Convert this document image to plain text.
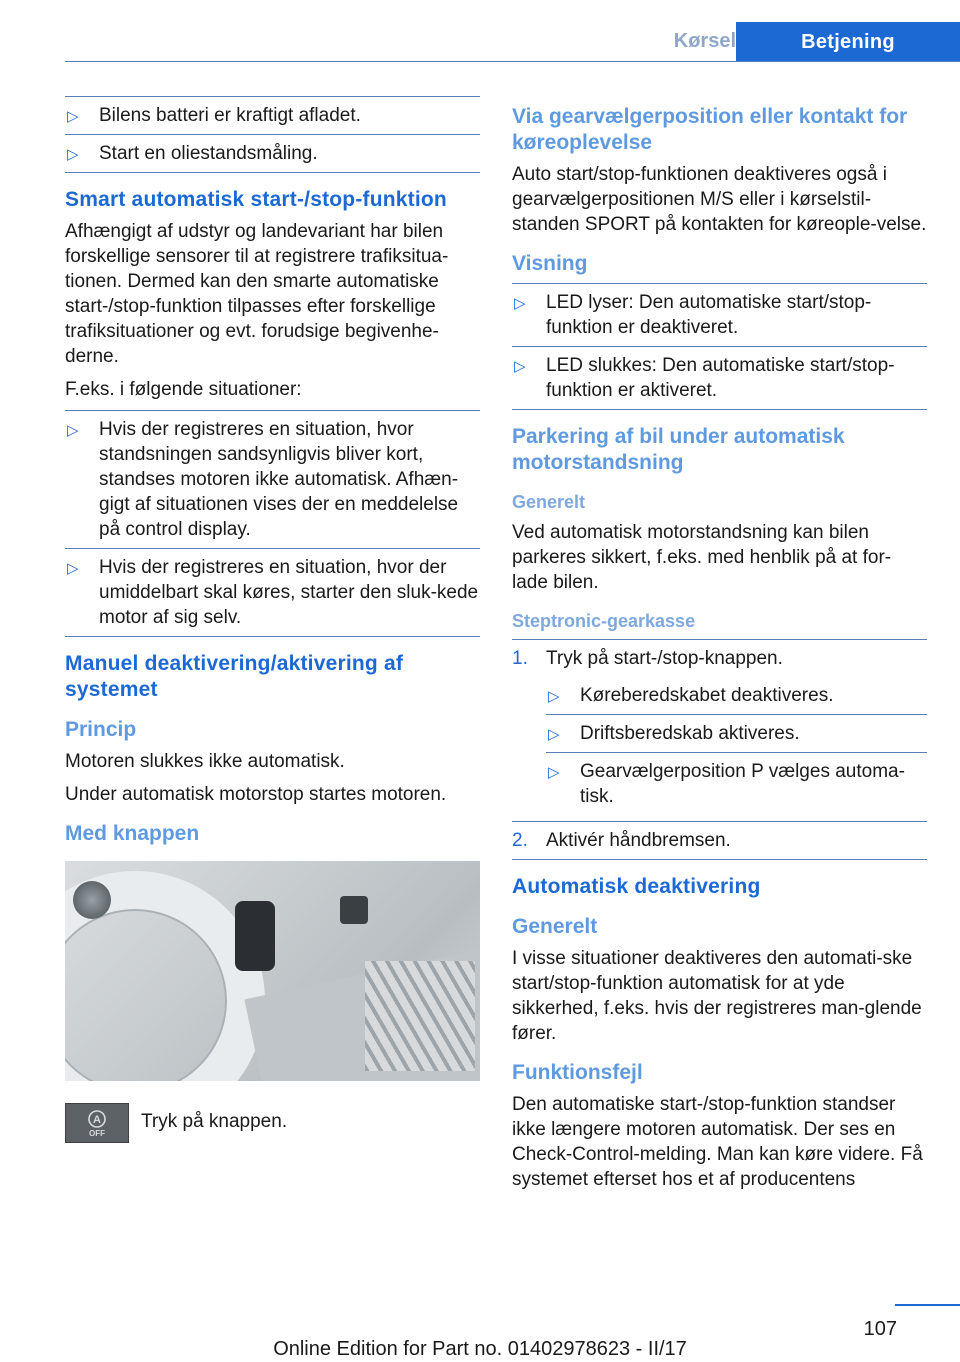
Kørsel	Betjening
▷ Bilens batteri er kraftigt afladet.
▷ Start en oliestandsmåling.
Smart automatisk start-/stop-funktion

Afhængigt af udstyr og landevariant har bilen forskellige sensorer til at registrere trafiksitua-tionen. Dermed kan den smarte automatiske start-/stop-funktion tilpasses efter forskellige trafiksituationer og evt. forudsige begivenhe-derne.

F.eks. i følgende situationer:

▷ Hvis der registreres en situation, hvor standsningen sandsynligvis bliver kort, standses motoren ikke automatisk. Afhæn-gigt af situationen vises der en meddelelse på control display.
▷ Hvis der registreres en situation, hvor der umiddelbart skal køres, starter den sluk-kede motor af sig selv.
Manuel deaktivering/aktivering af systemet
Princip

Motoren slukkes ikke automatisk.

Under automatisk motorstop startes motoren.

Med knappen
A
OFF
Tryk på knappen.
Via gearvælgerposition eller kontakt for køreoplevelse

Auto start/stop-funktionen deaktiveres også i gearvælgerpositionen M/S eller i kørselstil-standen SPORT på kontakten for køreople-velse.

Visning
▷ LED lyser: Den automatiske start/stop-funktion er deaktiveret.
▷ LED slukkes: Den automatiske start/stop-funktion er aktiveret.
Parkering af bil under automatisk motorstandsning
Generelt

Ved automatisk motorstandsning kan bilen parkeres sikkert, f.eks. med henblik på at for-lade bilen.

Steptronic-gearkasse
1. Tryk på start-/stop-knappen.
▷ Køreberedskabet deaktiveres.
▷ Driftsberedskab aktiveres.
▷ Gearvælgerposition P vælges automa-tisk.
2. Aktivér håndbremsen.
Automatisk deaktivering
Generelt

I visse situationer deaktiveres den automati-ske start/stop-funktion automatisk for at yde sikkerhed, f.eks. hvis der registreres man-glende fører.

Funktionsfejl

Den automatiske start-/stop-funktion standser ikke længere motoren automatisk. Der ses en Check-Control-melding. Man kan køre videre. Få systemet efterset hos et af producentens

107
Online Edition for Part no. 01402978623 - II/17
